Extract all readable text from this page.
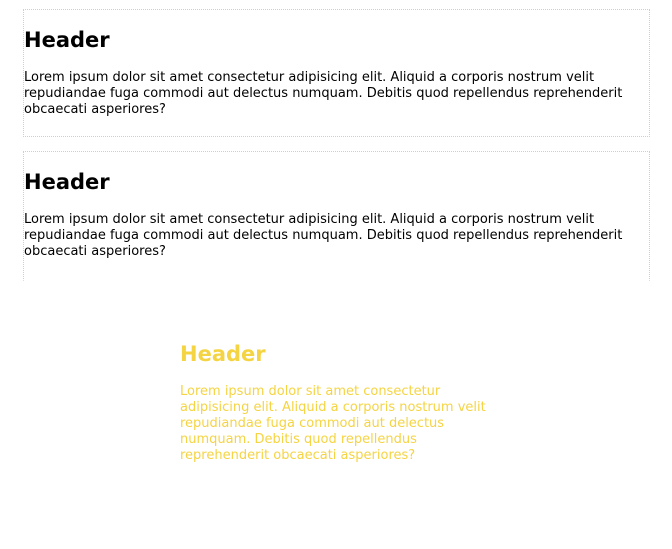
Header

Lorem ipsum dolor sit amet consectetur adipisicing elit. Aliquid a corporis nostrum velit repudiandae fuga commodi aut delectus numquam. Debitis quod repellendus reprehenderit obcaecati asperiores?

Header

Lorem ipsum dolor sit amet consectetur adipisicing elit. Aliquid a corporis nostrum velit repudiandae fuga commodi aut delectus numquam. Debitis quod repellendus reprehenderit obcaecati asperiores?

Header

Lorem ipsum dolor sit amet consectetur adipisicing elit. Aliquid a corporis nostrum velit repudiandae fuga commodi aut delectus numquam. Debitis quod repellendus reprehenderit obcaecati asperiores?
